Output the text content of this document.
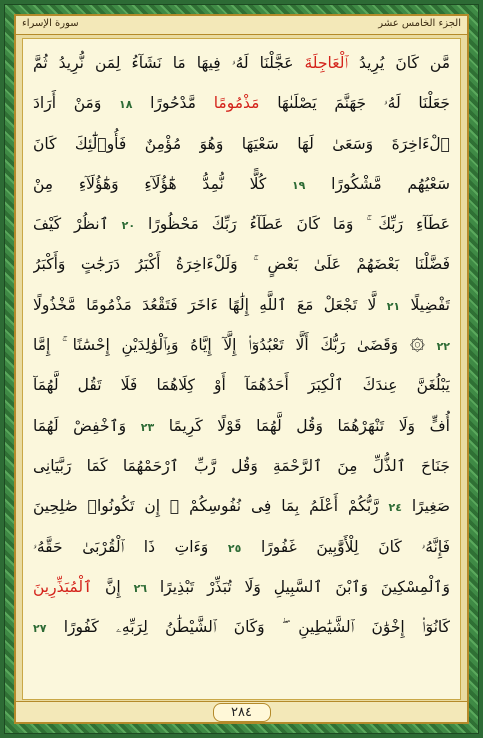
سورة الإسراء	الجزء الخامس عشر
مَّن كَانَ يُرِيدُ ٱلْعَاجِلَةَ عَجَّلْنَا لَهُۥ فِيهَا مَا نَشَآءُ لِمَن نُّرِيدُ ثُمَّ
جَعَلْنَا لَهُۥ جَهَنَّمَ يَصْلَىٰهَا مَذْمُومًا مَّدْحُورًا ١٨ وَمَنْ أَرَادَ
ٱلْءَاخِرَةَ وَسَعَىٰ لَهَا سَعْيَهَا وَهُوَ مُؤْمِنٌ فَأُو۟لَٰٓئِكَ كَانَ
سَعْيُهُم مَّشْكُورًا ١٩ كُلًّا نُّمِدُّ هَٰٓؤُلَآءِ وَهَٰٓؤُلَآءِ مِنْ
عَطَآءِ رَبِّكَ ۚ وَمَا كَانَ عَطَآءُ رَبِّكَ مَحْظُورًا ٢٠ ٱنظُرْ كَيْفَ
فَضَّلْنَا بَعْضَهُمْ عَلَىٰ بَعْضٍ ۚ وَلَلْءَاخِرَةُ أَكْبَرُ دَرَجَٰتٍ وَأَكْبَرُ
تَفْضِيلًا ٢١ لَّا تَجْعَلْ مَعَ ٱللَّهِ إِلَٰهًا ءَاخَرَ فَتَقْعُدَ مَذْمُومًا مَّخْذُولًا
٢٢ ۞ وَقَضَىٰ رَبُّكَ أَلَّا تَعْبُدُوٓا۟ إِلَّآ إِيَّاهُ وَبِٱلْوَٰلِدَيْنِ إِحْسَٰنًا ۚ إِمَّا
يَبْلُغَنَّ عِندَكَ ٱلْكِبَرَ أَحَدُهُمَآ أَوْ كِلَاهُمَا فَلَا تَقُل لَّهُمَآ
أُفٍّ وَلَا تَنْهَرْهُمَا وَقُل لَّهُمَا قَوْلًا كَرِيمًا ٢٣ وَٱخْفِضْ لَهُمَا
جَنَاحَ ٱلذُّلِّ مِنَ ٱلرَّحْمَةِ وَقُل رَّبِّ ٱرْحَمْهُمَا كَمَا رَبَّيَانِى
صَغِيرًا ٢٤ رَّبُّكُمْ أَعْلَمُ بِمَا فِى نُفُوسِكُمْ ۚ إِن تَكُونُوا۟ صَٰلِحِينَ
فَإِنَّهُۥ كَانَ لِلْأَوَّٰبِينَ غَفُورًا ٢٥ وَءَاتِ ذَا ٱلْقُرْبَىٰ حَقَّهُۥ
وَٱلْمِسْكِينَ وَٱبْنَ ٱلسَّبِيلِ وَلَا تُبَذِّرْ تَبْذِيرًا ٢٦ إِنَّ ٱلْمُبَذِّرِينَ
كَانُوٓا۟ إِخْوَٰنَ ٱلشَّيَٰطِينِ ۖ وَكَانَ ٱلشَّيْطَٰنُ لِرَبِّهِۦ كَفُورًا ٢٧
٢٨٤
